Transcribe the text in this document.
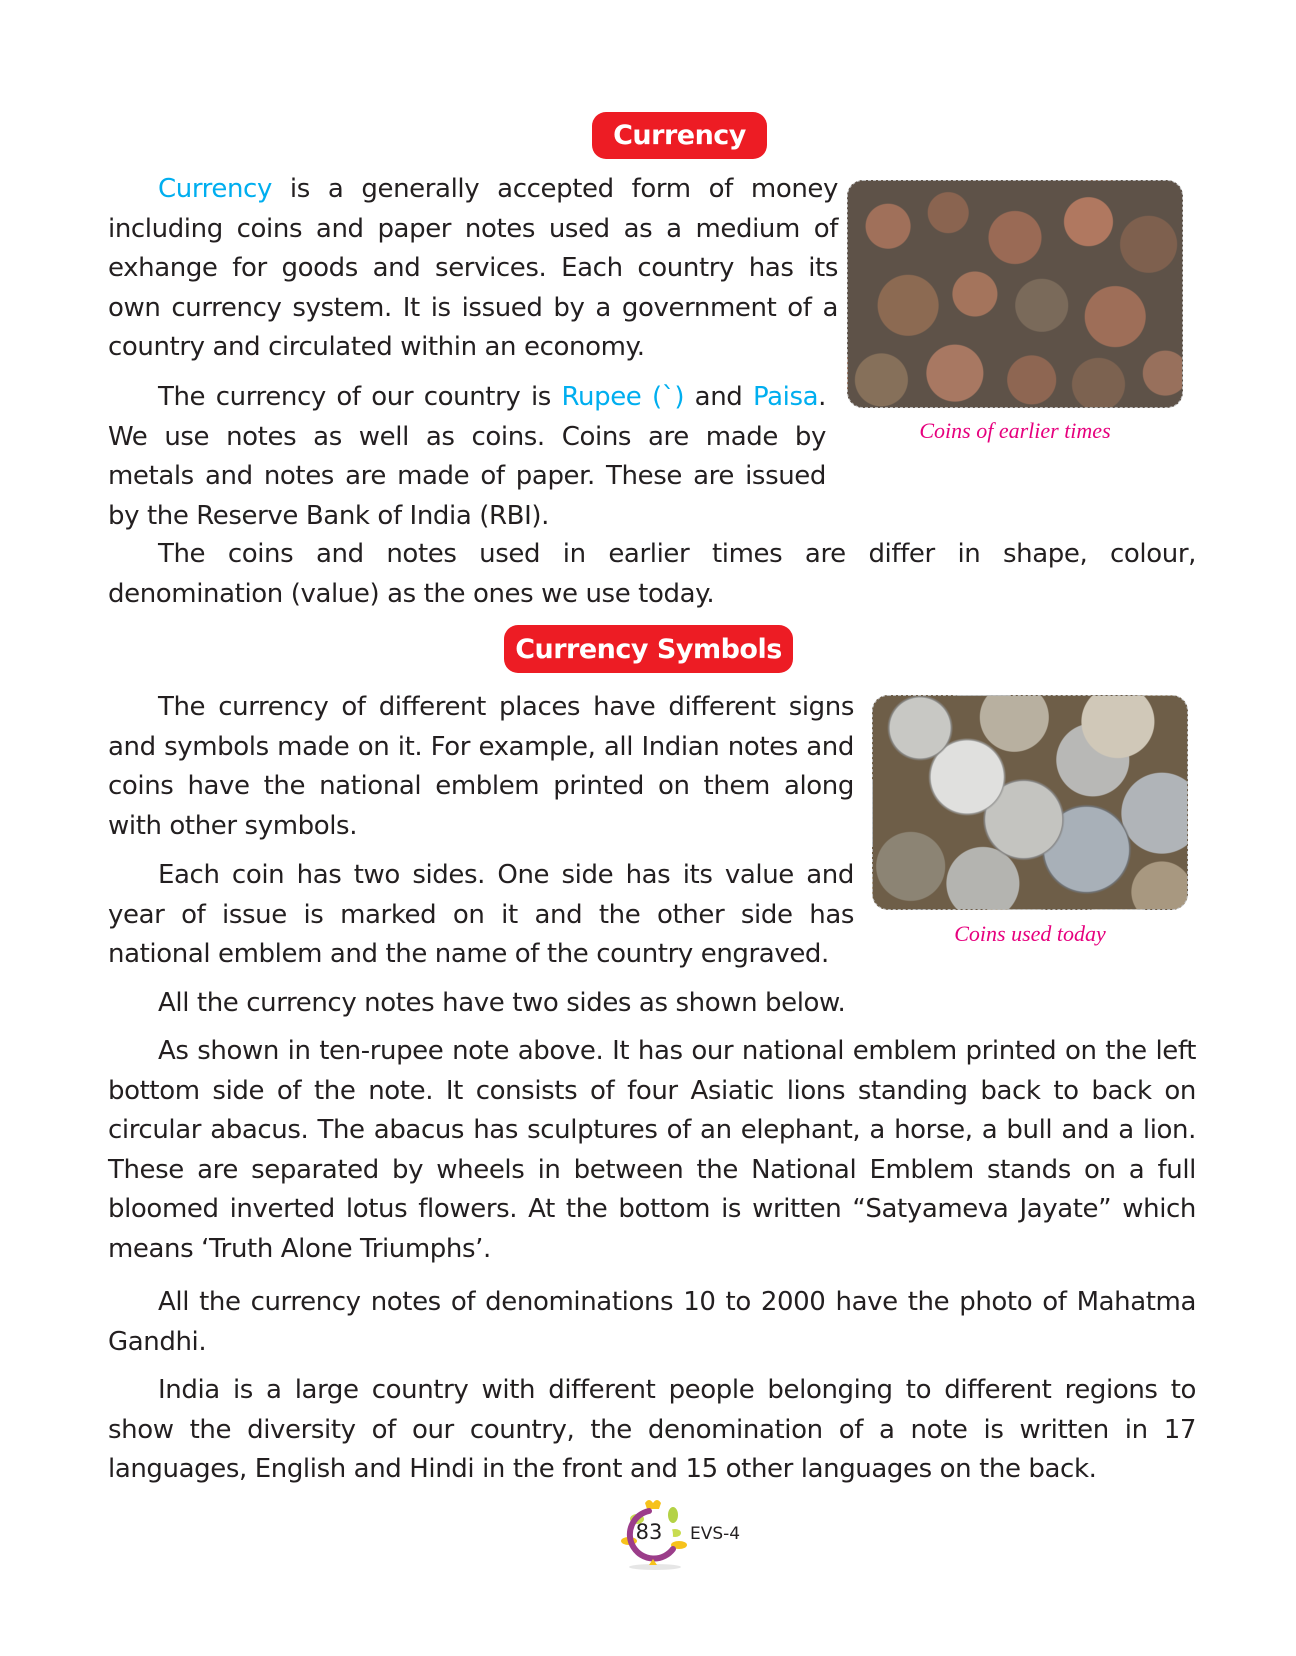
Currency

Currency is a generally accepted form of money including coins and paper notes used as a medium of exhange for goods and services. Each country has its own currency system. It is issued by a government of a country and circulated within an economy.

The currency of our country is Rupee (`) and Paisa. We use notes as well as coins. Coins are made by metals and notes are made of paper. These are issued by the Reserve Bank of India (RBI).

The coins and notes used in earlier times are differ in shape, colour, denomination (value) as the ones we use today.

Coins of earlier times
Currency Symbols

The currency of different places have different signs and symbols made on it. For example, all Indian notes and coins have the national emblem printed on them along with other symbols.

Each coin has two sides. One side has its value and year of issue is marked on it and the other side has national emblem and the name of the country engraved.

All the currency notes have two sides as shown below.

As shown in ten-rupee note above. It has our national emblem printed on the left bottom side of the note. It consists of four Asiatic lions standing back to back on circular abacus. The abacus has sculptures of an elephant, a horse, a bull and a lion. These are separated by wheels in between the National Emblem stands on a full bloomed inverted lotus flowers. At the bottom is written “Satyameva Jayate” which means ‘Truth Alone Triumphs’.

All the currency notes of denominations 10 to 2000 have the photo of Mahatma Gandhi.

India is a large country with different people belonging to different regions to show the diversity of our country, the denomination of a note is written in 17 languages, English and Hindi in the front and 15 other languages on the back.

Coins used today
83 EVS-4
